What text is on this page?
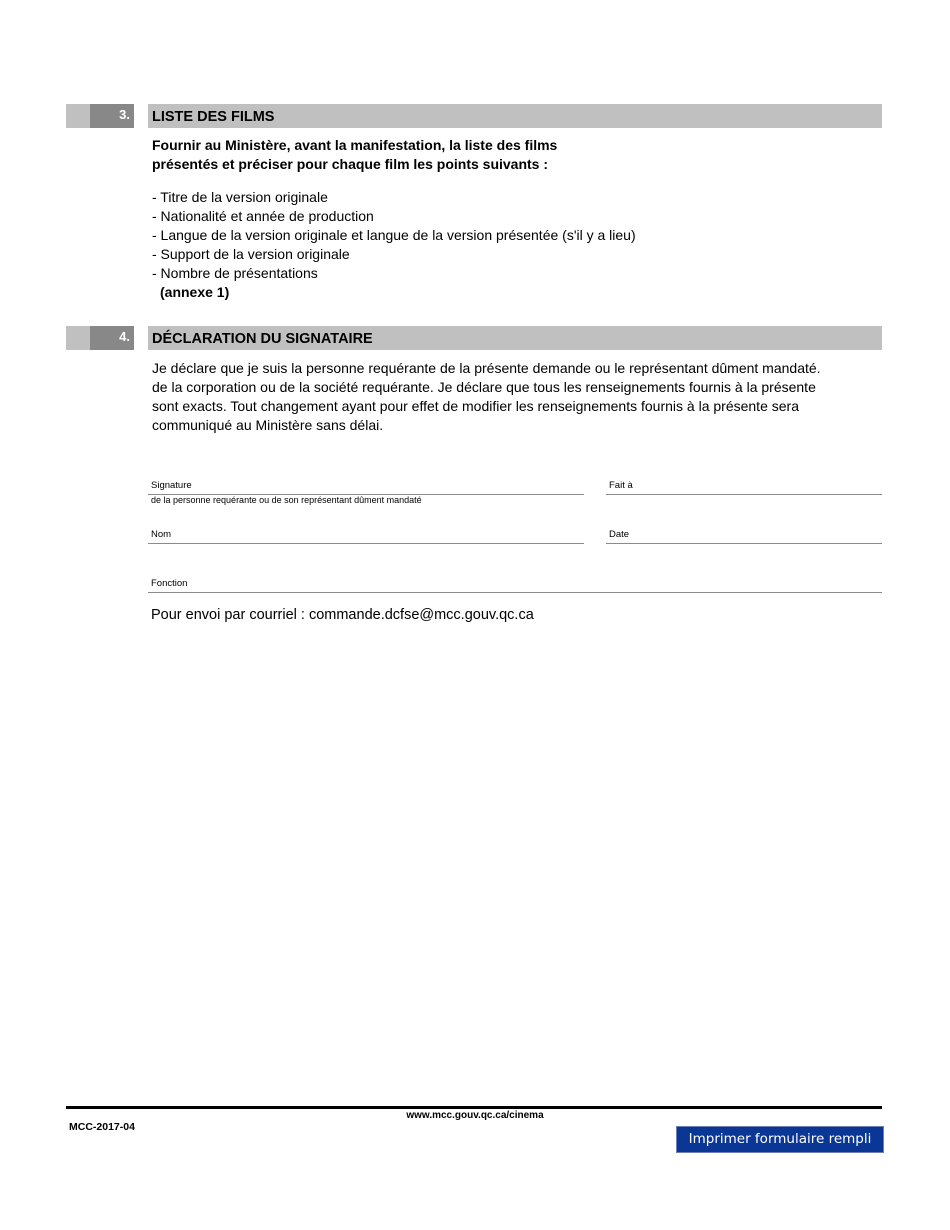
3. LISTE DES FILMS
Fournir au Ministère, avant la manifestation, la liste des films
présentés et préciser pour chaque film les points suivants :
- Titre de la version originale
- Nationalité et année de production
- Langue de la version originale et langue de la version présentée (s'il y a lieu)
- Support de la version originale
- Nombre de présentations
(annexe 1)
4. DÉCLARATION DU SIGNATAIRE
Je déclare que je suis la personne requérante de la présente demande ou le représentant dûment mandaté.
de la corporation ou de la société requérante. Je déclare que tous les renseignements fournis à la présente
sont exacts. Tout changement ayant pour effet de modifier les renseignements fournis à la présente sera
communiqué au Ministère sans délai.
Signature
de la personne requérante ou de son représentant dûment mandaté
Fait à
Nom	Date
Fonction
Pour envoi par courriel : commande.dcfse@mcc.gouv.qc.ca
www.mcc.gouv.qc.ca/cinema
MCC-2017-04
Imprimer formulaire rempli
